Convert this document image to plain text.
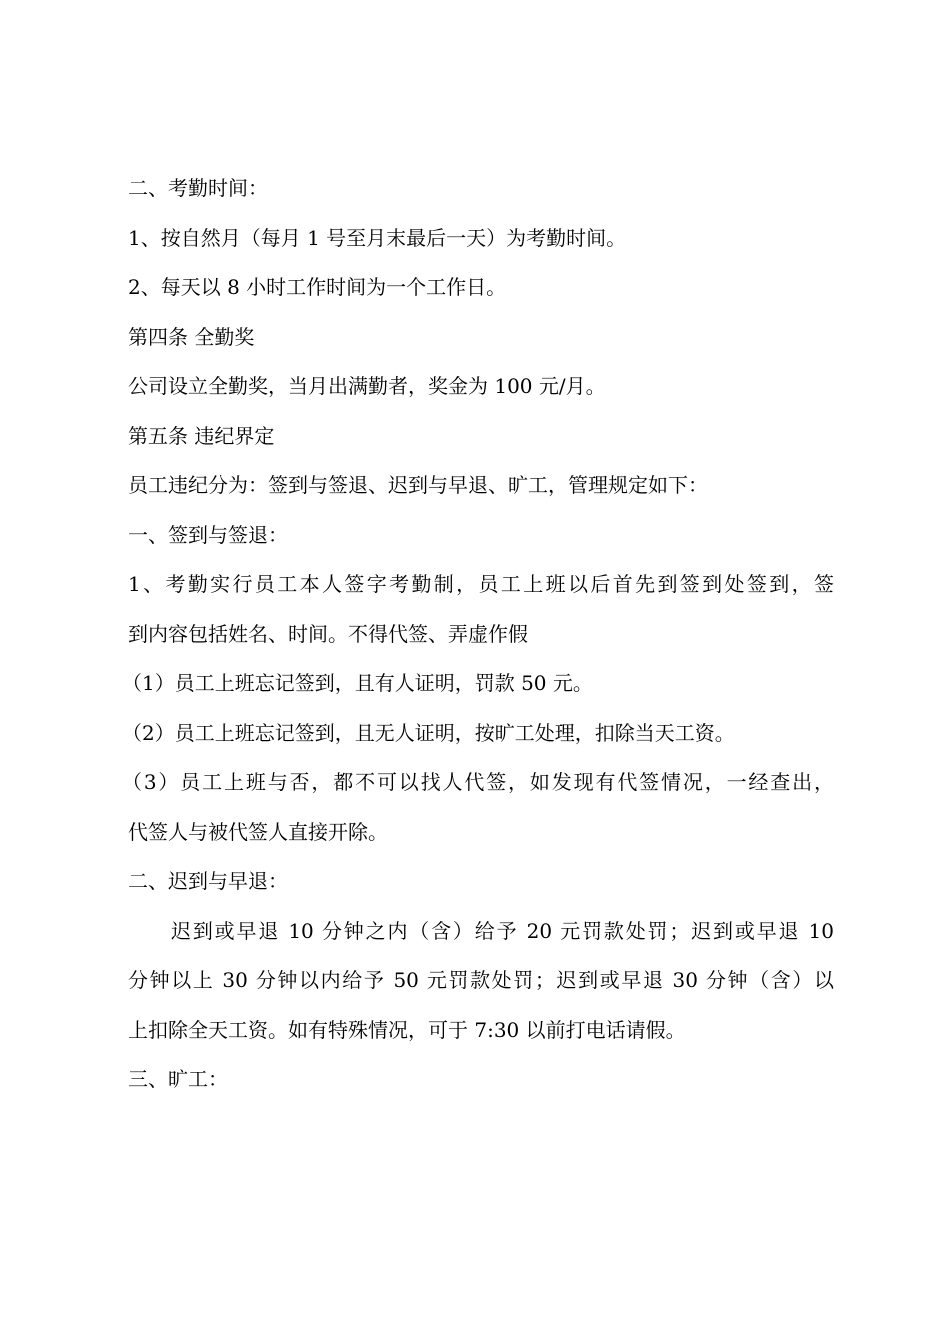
二、考勤时间：

1、按自然月（每月 1 号至月末最后一天）为考勤时间。

2、每天以 8 小时工作时间为一个工作日。

第四条 全勤奖

公司设立全勤奖，当月出满勤者，奖金为 100 元/月。

第五条 违纪界定

员工违纪分为：签到与签退、迟到与早退、旷工，管理规定如下：

一、签到与签退：

1、考勤实行员工本人签字考勤制，员工上班以后首先到签到处签到，签

到内容包括姓名、时间。不得代签、弄虚作假

（1）员工上班忘记签到，且有人证明，罚款 50 元。

（2）员工上班忘记签到，且无人证明，按旷工处理，扣除当天工资。

（3）员工上班与否，都不可以找人代签，如发现有代签情况，一经查出，

代签人与被代签人直接开除。

二、迟到与早退：

迟到或早退 10 分钟之内（含）给予 20 元罚款处罚；迟到或早退 10

分钟以上 30 分钟以内给予 50 元罚款处罚；迟到或早退 30 分钟（含）以

上扣除全天工资。如有特殊情况，可于 7:30 以前打电话请假。

三、旷工：
